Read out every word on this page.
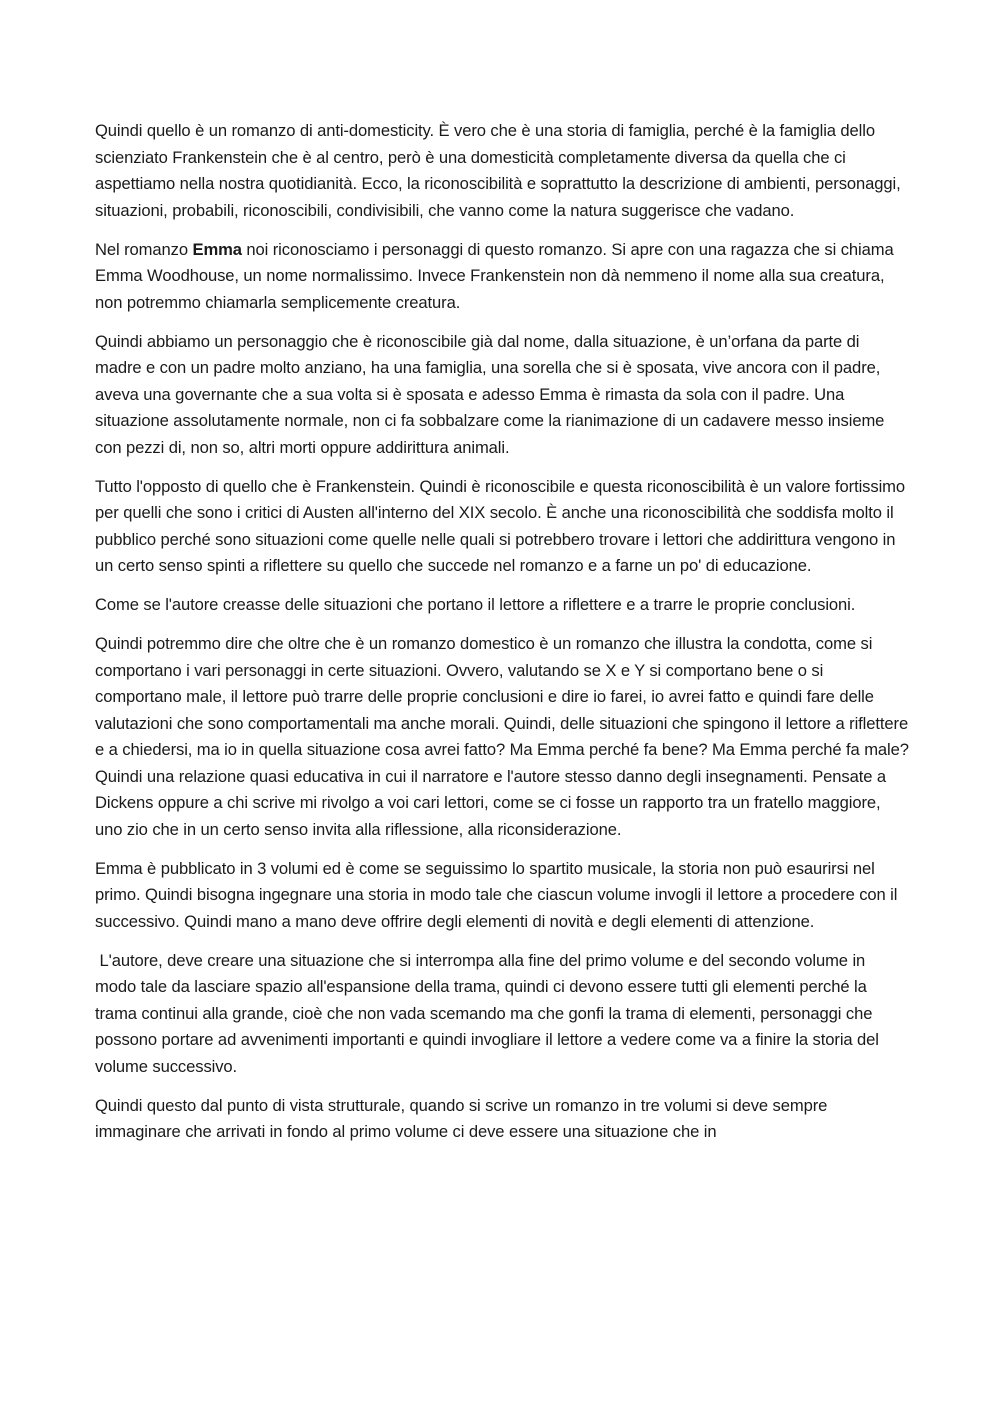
Quindi quello è un romanzo di anti-domesticity. È vero che è una storia di famiglia, perché è la famiglia dello scienziato Frankenstein che è al centro, però è una domesticità completamente diversa da quella che ci aspettiamo nella nostra quotidianità. Ecco, la riconoscibilità e soprattutto la descrizione di ambienti, personaggi, situazioni, probabili, riconoscibili, condivisibili, che vanno come la natura suggerisce che vadano.

Nel romanzo Emma noi riconosciamo i personaggi di questo romanzo. Si apre con una ragazza che si chiama Emma Woodhouse, un nome normalissimo. Invece Frankenstein non dà nemmeno il nome alla sua creatura, non potremmo chiamarla semplicemente creatura.

Quindi abbiamo un personaggio che è riconoscibile già dal nome, dalla situazione, è un’orfana da parte di madre e con un padre molto anziano, ha una famiglia, una sorella che si è sposata, vive ancora con il padre, aveva una governante che a sua volta si è sposata e adesso Emma è rimasta da sola con il padre. Una situazione assolutamente normale, non ci fa sobbalzare come la rianimazione di un cadavere messo insieme con pezzi di, non so, altri morti oppure addirittura animali.

Tutto l'opposto di quello che è Frankenstein. Quindi è riconoscibile e questa riconoscibilità è un valore fortissimo per quelli che sono i critici di Austen all'interno del XIX secolo. È anche una riconoscibilità che soddisfa molto il pubblico perché sono situazioni come quelle nelle quali si potrebbero trovare i lettori che addirittura vengono in un certo senso spinti a riflettere su quello che succede nel romanzo e a farne un po' di educazione.

Come se l'autore creasse delle situazioni che portano il lettore a riflettere e a trarre le proprie conclusioni.

Quindi potremmo dire che oltre che è un romanzo domestico è un romanzo che illustra la condotta, come si comportano i vari personaggi in certe situazioni. Ovvero, valutando se X e Y si comportano bene o si comportano male, il lettore può trarre delle proprie conclusioni e dire io farei, io avrei fatto e quindi fare delle valutazioni che sono comportamentali ma anche morali. Quindi, delle situazioni che spingono il lettore a riflettere e a chiedersi, ma io in quella situazione cosa avrei fatto? Ma Emma perché fa bene? Ma Emma perché fa male? Quindi una relazione quasi educativa in cui il narratore e l'autore stesso danno degli insegnamenti. Pensate a Dickens oppure a chi scrive mi rivolgo a voi cari lettori, come se ci fosse un rapporto tra un fratello maggiore, uno zio che in un certo senso invita alla riflessione, alla riconsiderazione.

Emma è pubblicato in 3 volumi ed è come se seguissimo lo spartito musicale, la storia non può esaurirsi nel primo. Quindi bisogna ingegnare una storia in modo tale che ciascun volume invogli il lettore a procedere con il successivo. Quindi mano a mano deve offrire degli elementi di novità e degli elementi di attenzione.

L'autore, deve creare una situazione che si interrompa alla fine del primo volume e del secondo volume in modo tale da lasciare spazio all'espansione della trama, quindi ci devono essere tutti gli elementi perché la trama continui alla grande, cioè che non vada scemando ma che gonfi la trama di elementi, personaggi che possono portare ad avvenimenti importanti e quindi invogliare il lettore a vedere come va a finire la storia del volume successivo.

Quindi questo dal punto di vista strutturale, quando si scrive un romanzo in tre volumi si deve sempre immaginare che arrivati in fondo al primo volume ci deve essere una situazione che in
